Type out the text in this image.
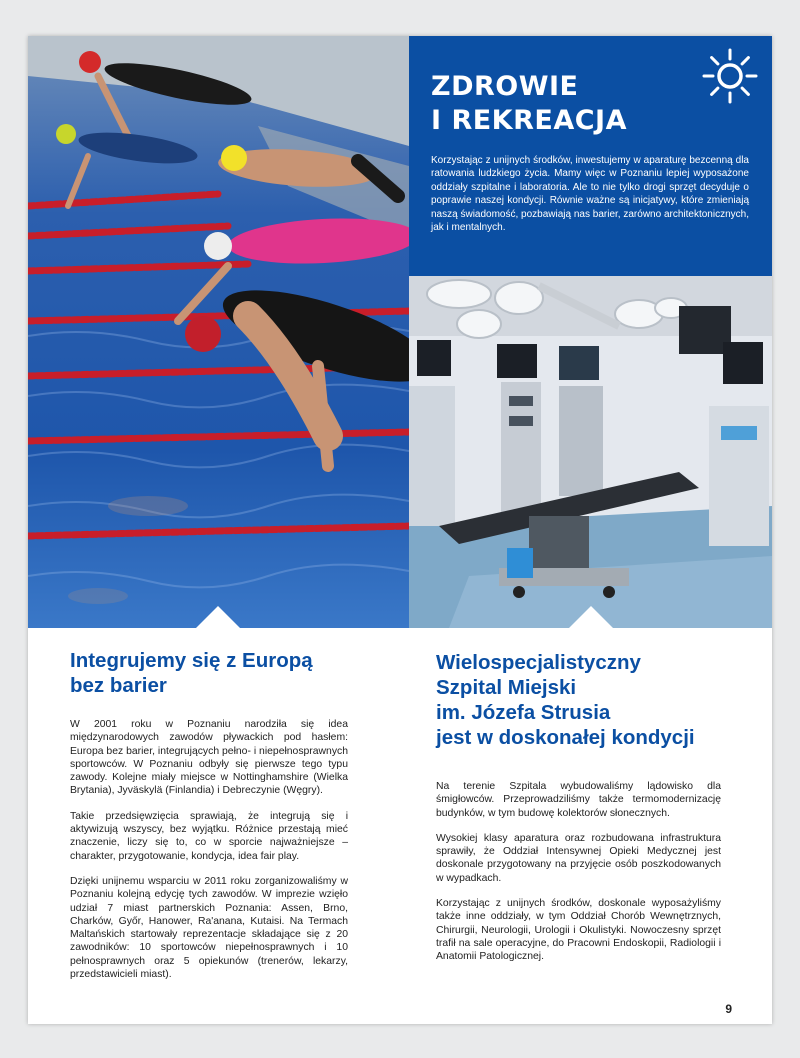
ZDROWIE
I REKREACJA

Korzystając z unijnych środków, inwestujemy w aparaturę bezcenną dla ratowania ludzkiego życia. Mamy więc w Poznaniu lepiej wyposażone oddziały szpitalne i laboratoria. Ale to nie tylko drogi sprzęt decyduje o poprawie naszej kondycji. Równie ważne są inicjatywy, które zmieniają naszą świadomość, pozbawiają nas barier, zarówno architektonicznych, jak i mentalnych.

Integrujemy się z Europą
bez barier

W 2001 roku w Poznaniu narodziła się idea międzynarodowych zawodów pływackich pod hasłem: Europa bez barier, integrujących pełno- i niepełnosprawnych sportowców. W Poznaniu odbyły się pierwsze tego typu zawody. Kolejne miały miejsce w Nottinghamshire (Wielka Brytania), Jyväskylä (Finlandia) i Debreczynie (Węgry).

Takie przedsięwzięcia sprawiają, że integrują się i aktywizują wszyscy, bez wyjątku. Różnice przestają mieć znaczenie, liczy się to, co w sporcie najważniejsze – charakter, przygotowanie, kondycja, idea fair play.

Dzięki unijnemu wsparciu w 2011 roku zorganizowaliśmy w Poznaniu kolejną edycję tych zawodów. W imprezie wzięło udział 7 miast partnerskich Poznania: Assen, Brno, Charków, Győr, Hanower, Ra'anana, Kutaisi. Na Termach Maltańskich startowały reprezentacje składające się z 20 zawodników: 10 sportowców niepełnosprawnych i 10 pełnosprawnych oraz 5 opiekunów (trenerów, lekarzy, przedstawicieli miast).

Wielospecjalistyczny
Szpital Miejski
im. Józefa Strusia
jest w doskonałej kondycji

Na terenie Szpitala wybudowaliśmy lądowisko dla śmigłowców. Przeprowadziliśmy także termomodernizację budynków, w tym budowę kolektorów słonecznych.

Wysokiej klasy aparatura oraz rozbudowana infrastruktura sprawiły, że Oddział Intensywnej Opieki Medycznej jest doskonale przygotowany na przyjęcie osób poszkodowanych w wypadkach.

Korzystając z unijnych środków, doskonale wyposażyliśmy także inne oddziały, w tym Oddział Chorób Wewnętrznych, Chirurgii, Neurologii, Urologii i Okulistyki. Nowoczesny sprzęt trafił na sale operacyjne, do Pracowni Endoskopii, Radiologii i Anatomii Patologicznej.

9
